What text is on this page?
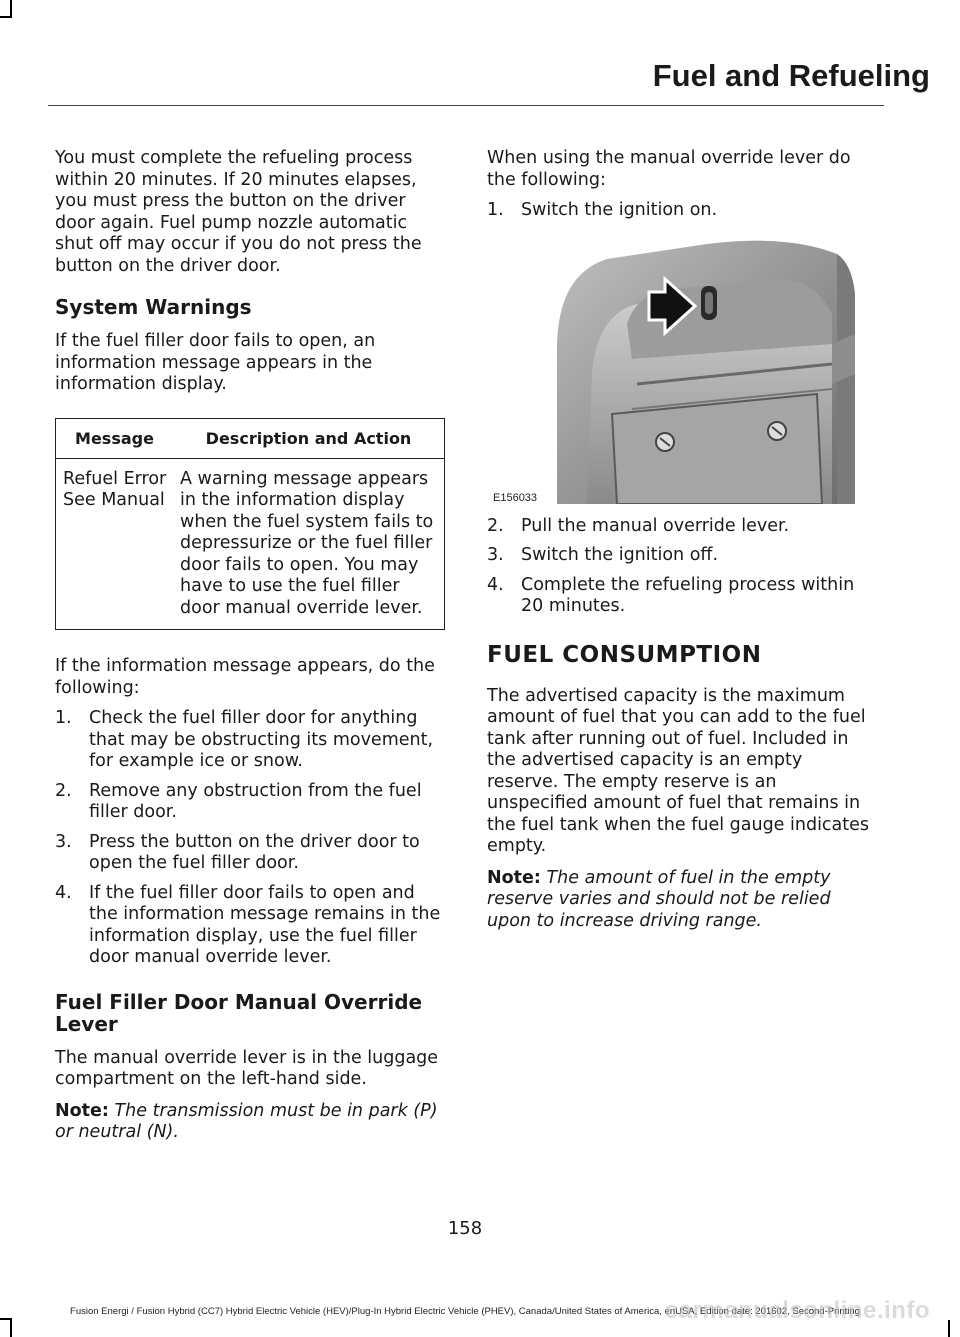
Fuel and Refueling

You must complete the refueling process within 20 minutes. If 20 minutes elapses, you must press the button on the driver door again. Fuel pump nozzle automatic shut off may occur if you do not press the button on the driver door.

System Warnings

If the fuel filler door fails to open, an information message appears in the information display.

Message	Description and Action
Refuel Error See Manual	A warning message appears in the information display when the fuel system fails to depressurize or the fuel filler door fails to open. You may have to use the fuel filler door manual override lever.

If the information message appears, do the following:

1. Check the fuel filler door for anything that may be obstructing its movement, for example ice or snow.
2. Remove any obstruction from the fuel filler door.
3. Press the button on the driver door to open the fuel filler door.
4. If the fuel filler door fails to open and the information message remains in the information display, use the fuel filler door manual override lever.
Fuel Filler Door Manual Override Lever

The manual override lever is in the luggage compartment on the left-hand side.

Note: The transmission must be in park (P) or neutral (N).

When using the manual override lever do the following:

1. Switch the ignition on.
E156033
2. Pull the manual override lever.
3. Switch the ignition off.
4. Complete the refueling process within 20 minutes.
FUEL CONSUMPTION

The advertised capacity is the maximum amount of fuel that you can add to the fuel tank after running out of fuel. Included in the advertised capacity is an empty reserve. The empty reserve is an unspecified amount of fuel that remains in the fuel tank when the fuel gauge indicates empty.

Note: The amount of fuel in the empty reserve varies and should not be relied upon to increase driving range.

158
Fusion Energi / Fusion Hybrid (CC7) Hybrid Electric Vehicle (HEV)/Plug-In Hybrid Electric Vehicle (PHEV), Canada/United States of America, enUSA, Edition date: 201602, Second-Printing
carmanualsonline.info
